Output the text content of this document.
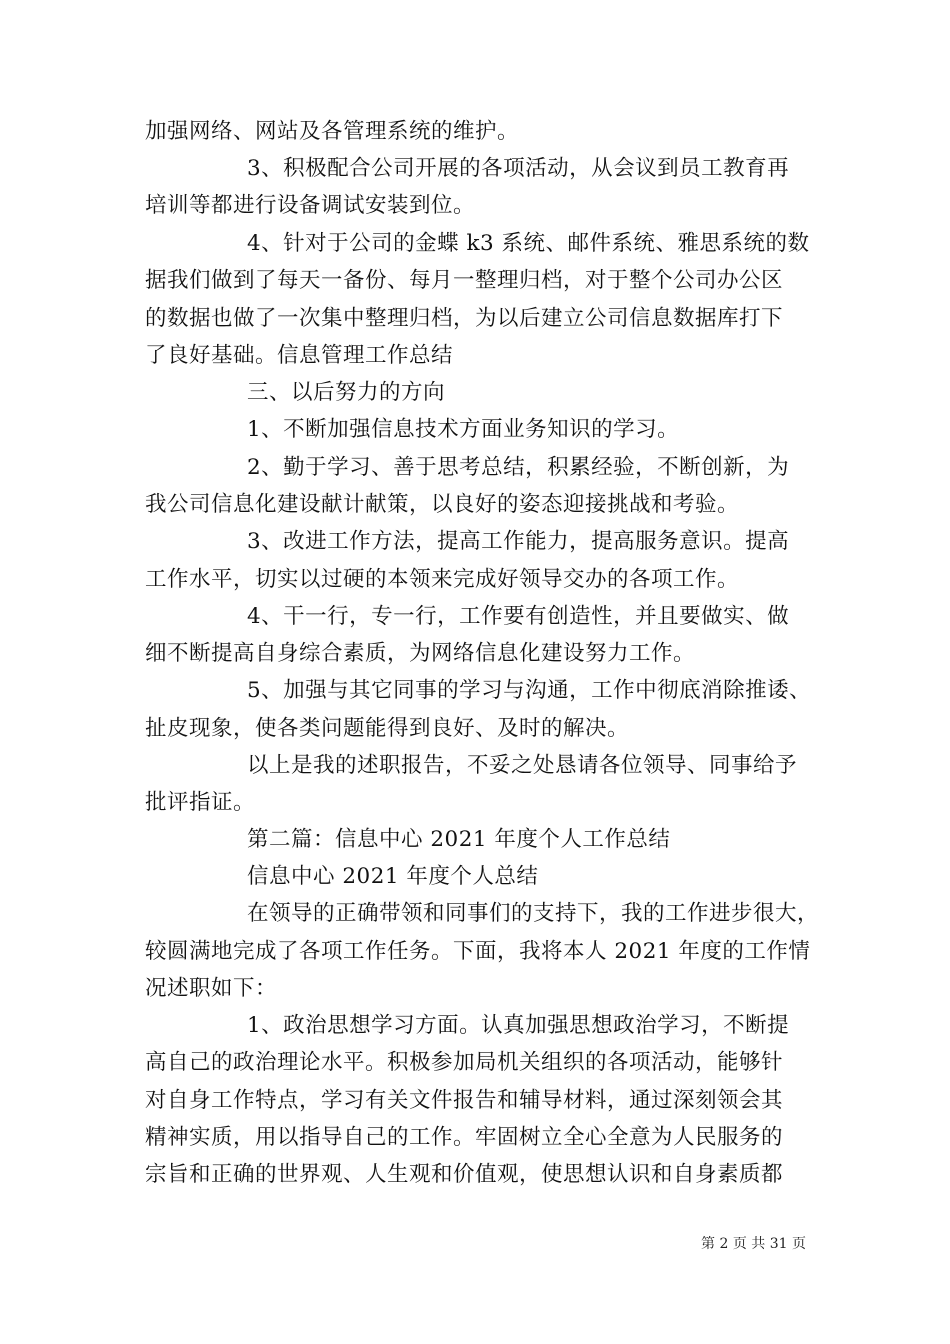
加强网络、网站及各管理系统的维护。
3、积极配合公司开展的各项活动，从会议到员工教育再
培训等都进行设备调试安装到位。
4、针对于公司的金蝶 k3 系统、邮件系统、雅思系统的数
据我们做到了每天一备份、每月一整理归档，对于整个公司办公区
的数据也做了一次集中整理归档，为以后建立公司信息数据库打下
了良好基础。信息管理工作总结
三、以后努力的方向
1、不断加强信息技术方面业务知识的学习。
2、勤于学习、善于思考总结，积累经验，不断创新，为
我公司信息化建设献计献策，以良好的姿态迎接挑战和考验。
3、改进工作方法，提高工作能力，提高服务意识。提高
工作水平，切实以过硬的本领来完成好领导交办的各项工作。
4、干一行，专一行，工作要有创造性，并且要做实、做
细不断提高自身综合素质，为网络信息化建设努力工作。
5、加强与其它同事的学习与沟通，工作中彻底消除推诿、
扯皮现象，使各类问题能得到良好、及时的解决。
以上是我的述职报告，不妥之处恳请各位领导、同事给予
批评指证。
第二篇：信息中心 2021 年度个人工作总结
信息中心 2021 年度个人总结
在领导的正确带领和同事们的支持下，我的工作进步很大，
较圆满地完成了各项工作任务。下面，我将本人 2021 年度的工作情
况述职如下：
1、政治思想学习方面。认真加强思想政治学习，不断提
高自己的政治理论水平。积极参加局机关组织的各项活动，能够针
对自身工作特点，学习有关文件报告和辅导材料，通过深刻领会其
精神实质，用以指导自己的工作。牢固树立全心全意为人民服务的
宗旨和正确的世界观、人生观和价值观，使思想认识和自身素质都
第 2 页 共 31 页
